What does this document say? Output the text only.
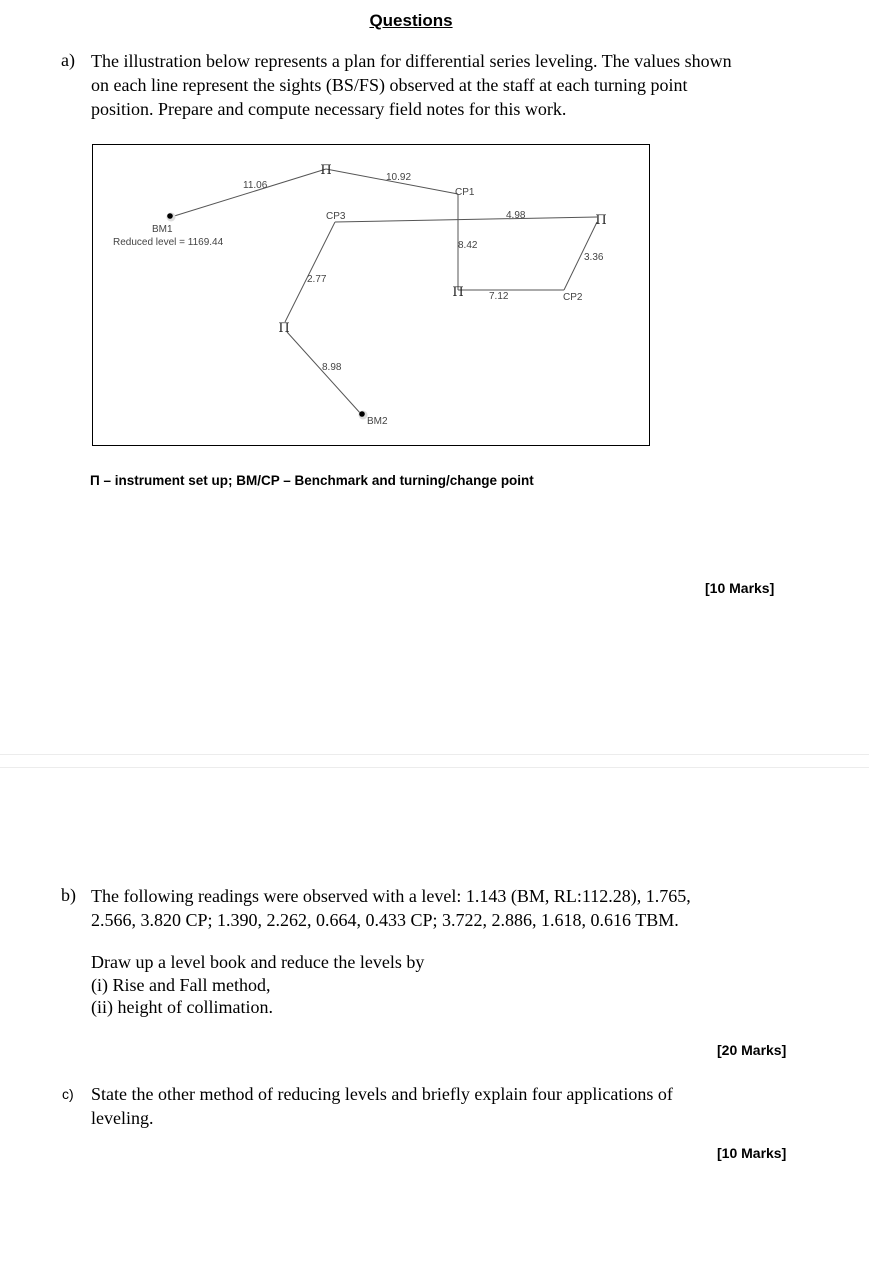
Questions
a) The illustration below represents a plan for differential series leveling. The values shown
on each line represent the sights (BS/FS) observed at the staff at each turning point
position. Prepare and compute necessary field notes for this work.
Π
Π
Π
Π
BM1
Reduced level = 1169.44
BM2
CP1
CP2
CP3
11.06
10.92
8.42
7.12
3.36
4.98
2.77
8.98
Π – instrument set up; BM/CP – Benchmark and turning/change point
[10 Marks]
b) The following readings were observed with a level: 1.143 (BM, RL:112.28), 1.765,
2.566, 3.820 CP; 1.390, 2.262, 0.664, 0.433 CP; 3.722, 2.886, 1.618, 0.616 TBM.
Draw up a level book and reduce the levels by
(i) Rise and Fall method,
(ii) height of collimation.
[20 Marks]
c) State the other method of reducing levels and briefly explain four applications of
leveling.
[10 Marks]
